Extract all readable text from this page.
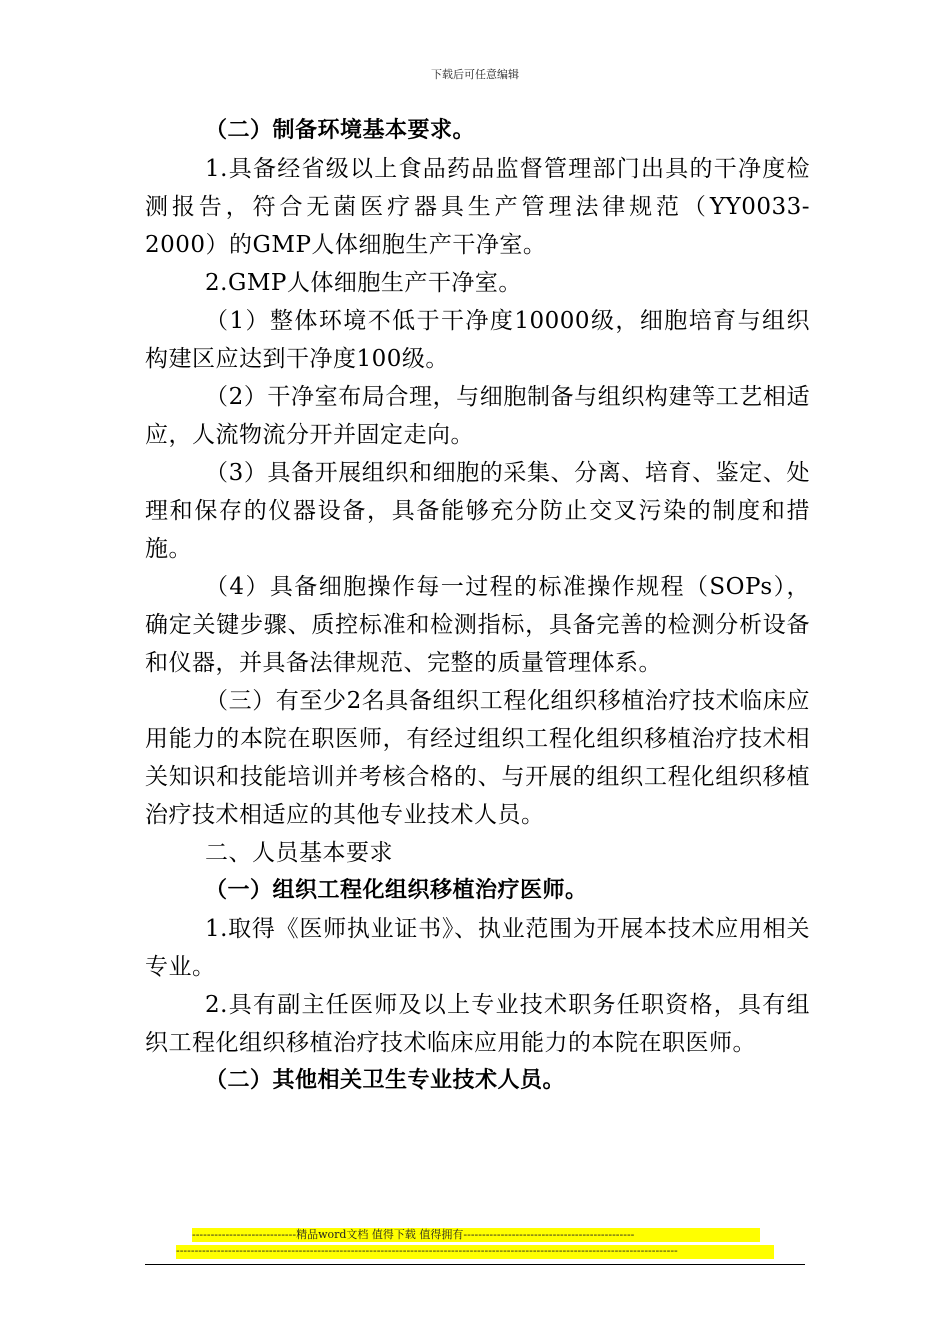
下载后可任意编辑

（二）制备环境基本要求。

1.具备经省级以上食品药品监督管理部门出具的干净度检测报告，符合无菌医疗器具生产管理法律规范（YY0033-2000）的GMP人体细胞生产干净室。

2.GMP人体细胞生产干净室。

（1）整体环境不低于干净度10000级，细胞培育与组织构建区应达到干净度100级。

（2）干净室布局合理，与细胞制备与组织构建等工艺相适应，人流物流分开并固定走向。

（3）具备开展组织和细胞的采集、分离、培育、鉴定、处理和保存的仪器设备，具备能够充分防止交叉污染的制度和措施。

（4）具备细胞操作每一过程的标准操作规程（SOPs），确定关键步骤、质控标准和检测指标，具备完善的检测分析设备和仪器，并具备法律规范、完整的质量管理体系。

（三）有至少2名具备组织工程化组织移植治疗技术临床应用能力的本院在职医师，有经过组织工程化组织移植治疗技术相关知识和技能培训并考核合格的、与开展的组织工程化组织移植治疗技术相适应的其他专业技术人员。

二、人员基本要求

（一）组织工程化组织移植治疗医师。

1.取得《医师执业证书》、执业范围为开展本技术应用相关专业。

2.具有副主任医师及以上专业技术职务任职资格，具有组织工程化组织移植治疗技术临床应用能力的本院在职医师。

（二）其他相关卫生专业技术人员。

----------------------------精品word文档 值得下载 值得拥有----------------------------------------------
---------------------------------------------------------------------------------------------------------------------------------------
